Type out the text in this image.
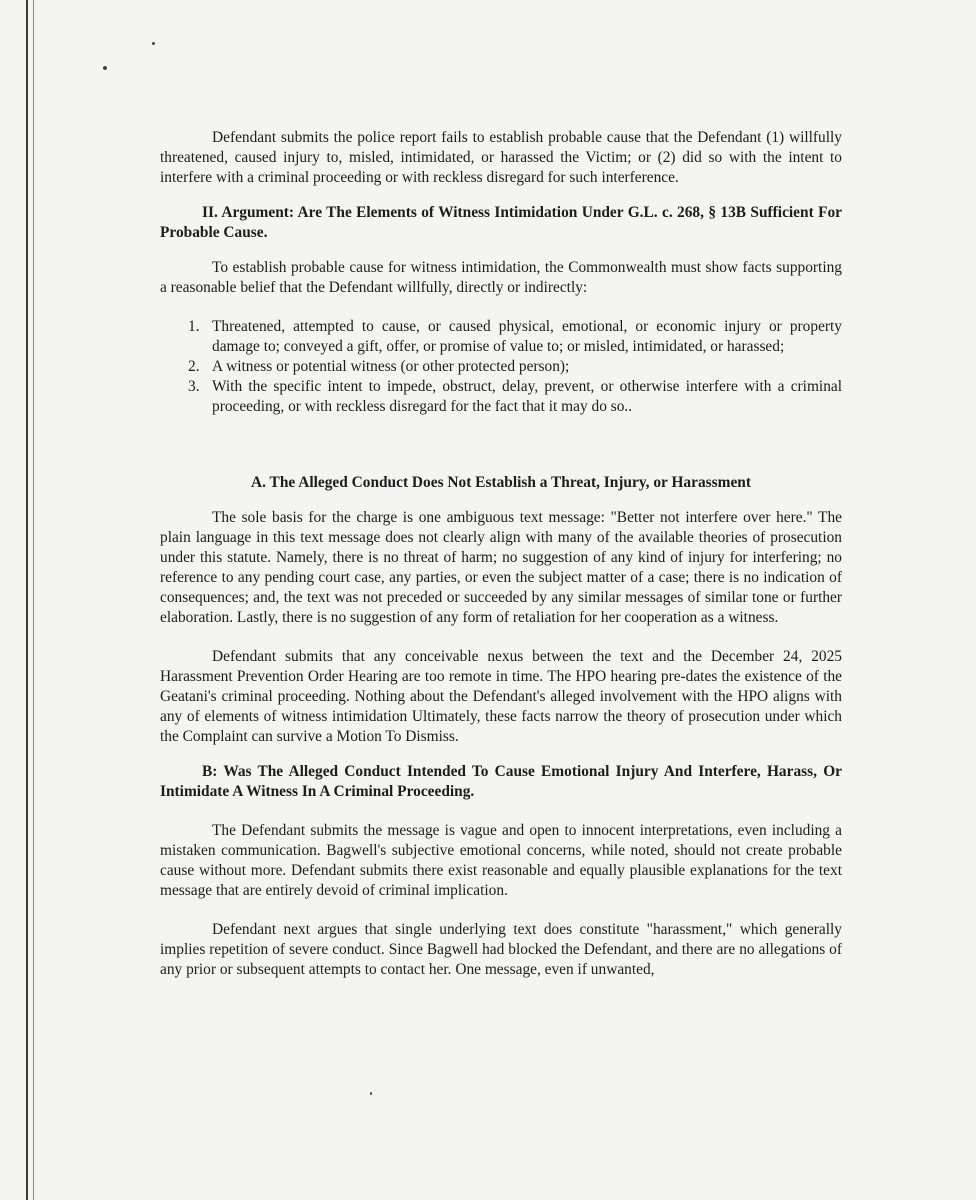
Defendant submits the police report fails to establish probable cause that the Defendant (1) willfully threatened, caused injury to, misled, intimidated, or harassed the Victim; or (2) did so with the intent to interfere with a criminal proceeding or with reckless disregard for such interference.

II. Argument: Are The Elements of Witness Intimidation Under G.L. c. 268, § 13B Sufficient For Probable Cause.

To establish probable cause for witness intimidation, the Commonwealth must show facts supporting a reasonable belief that the Defendant willfully, directly or indirectly:

1. Threatened, attempted to cause, or caused physical, emotional, or economic injury or property damage to; conveyed a gift, offer, or promise of value to; or misled, intimidated, or harassed;
2. A witness or potential witness (or other protected person);
3. With the specific intent to impede, obstruct, delay, prevent, or otherwise interfere with a criminal proceeding, or with reckless disregard for the fact that it may do so..

A. The Alleged Conduct Does Not Establish a Threat, Injury, or Harassment

The sole basis for the charge is one ambiguous text message: "Better not interfere over here." The plain language in this text message does not clearly align with many of the available theories of prosecution under this statute. Namely, there is no threat of harm; no suggestion of any kind of injury for interfering; no reference to any pending court case, any parties, or even the subject matter of a case; there is no indication of consequences; and, the text was not preceded or succeeded by any similar messages of similar tone or further elaboration. Lastly, there is no suggestion of any form of retaliation for her cooperation as a witness.

Defendant submits that any conceivable nexus between the text and the December 24, 2025 Harassment Prevention Order Hearing are too remote in time. The HPO hearing pre-dates the existence of the Geatani's criminal proceeding. Nothing about the Defendant's alleged involvement with the HPO aligns with any of elements of witness intimidation Ultimately, these facts narrow the theory of prosecution under which the Complaint can survive a Motion To Dismiss.

B: Was The Alleged Conduct Intended To Cause Emotional Injury And Interfere, Harass, Or Intimidate A Witness In A Criminal Proceeding.

The Defendant submits the message is vague and open to innocent interpretations, even including a mistaken communication. Bagwell's subjective emotional concerns, while noted, should not create probable cause without more. Defendant submits there exist reasonable and equally plausible explanations for the text message that are entirely devoid of criminal implication.

Defendant next argues that single underlying text does constitute "harassment," which generally implies repetition of severe conduct. Since Bagwell had blocked the Defendant, and there are no allegations of any prior or subsequent attempts to contact her. One message, even if unwanted,
